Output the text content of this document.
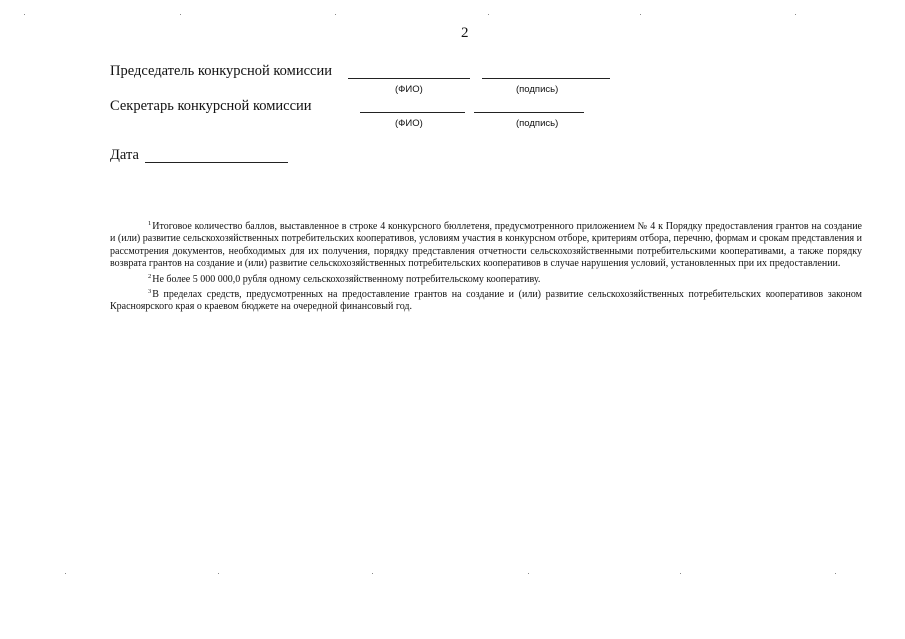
2
Председатель конкурсной комиссии
(ФИО)	(подпись)
Секретарь конкурсной комиссии
(ФИО)	(подпись)
Дата

$^1$Итоговое количество баллов, выставленное в строке 4 конкурсного бюллетеня, предусмотренного приложением № 4 к Порядку предоставления грантов на создание и (или) развитие сельскохозяйственных потребительских кооперативов, условиям участия в конкурсном отборе, критериям отбора, перечню, формам и срокам представления и рассмотрения документов, необходимых для их получения, порядку представления отчетности сельскохозяйственными потребительскими кооперативами, а также порядку возврата грантов на создание и (или) развитие сельскохозяйственных потребительских кооперативов в случае нарушения условий, установленных при их предоставлении.

$^2$Не более 5 000 000,0 рубля одному сельскохозяйственному потребительскому кооперативу.

$^3$В пределах средств, предусмотренных на предоставление грантов на создание и (или) развитие сельскохозяйственных потребительских кооперативов законом Красноярского края о краевом бюджете на очередной финансовый год.
